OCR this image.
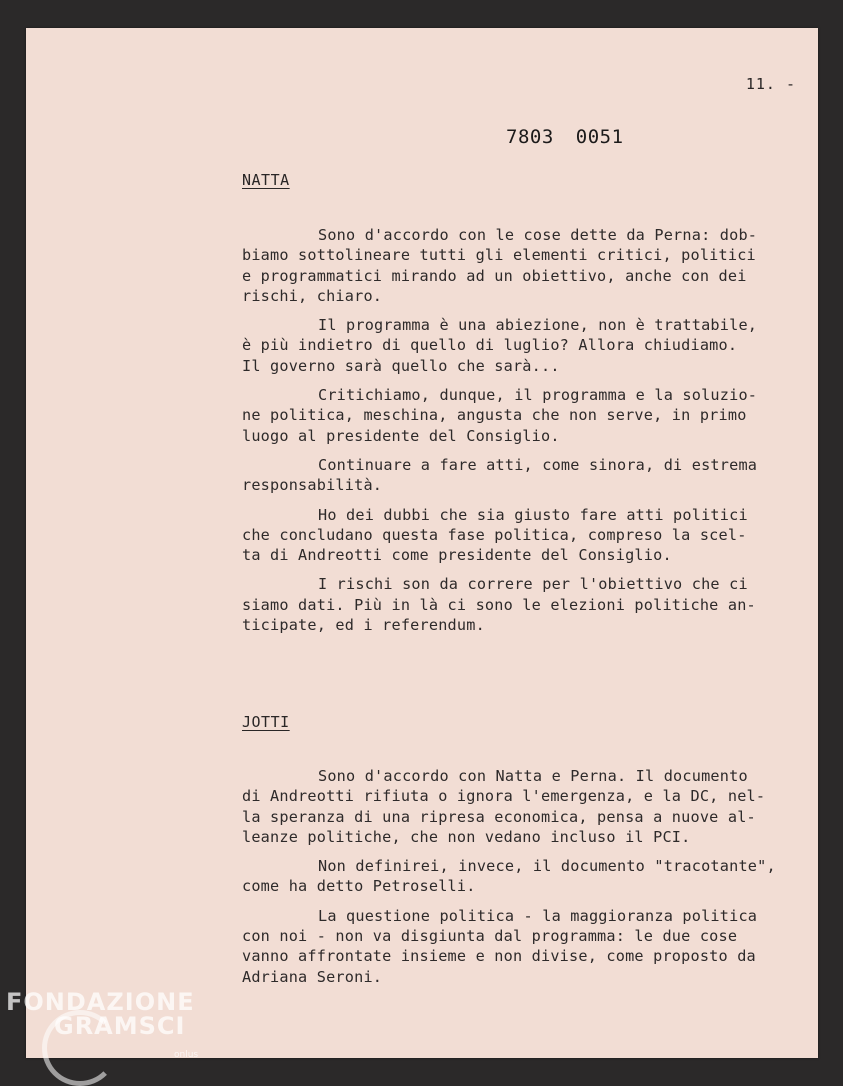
11. -
7803 0051
NATTA
Sono d'accordo con le cose dette da Perna: dob-
biamo sottolineare tutti gli elementi critici, politici
e programmatici mirando ad un obiettivo, anche con dei
rischi, chiaro.
Il programma è una abiezione, non è trattabile,
è più indietro di quello di luglio? Allora chiudiamo.
Il governo sarà quello che sarà...
Critichiamo, dunque, il programma e la soluzio-
ne politica, meschina, angusta che non serve, in primo
luogo al presidente del Consiglio.
Continuare a fare atti, come sinora, di estrema
responsabilità.
Ho dei dubbi che sia giusto fare atti politici
che concludano questa fase politica, compreso la scel-
ta di Andreotti come presidente del Consiglio.
I rischi son da correre per l'obiettivo che ci
siamo dati. Più in là ci sono le elezioni politiche an-
ticipate, ed i referendum.
JOTTI
Sono d'accordo con Natta e Perna. Il documento
di Andreotti rifiuta o ignora l'emergenza, e la DC, nel-
la speranza di una ripresa economica, pensa a nuove al-
leanze politiche, che non vedano incluso il PCI.
Non definirei, invece, il documento "tracotante",
come ha detto Petroselli.
La questione politica - la maggioranza politica
con noi - non va disgiunta dal programma: le due cose
vanno affrontate insieme e non divise, come proposto da
Adriana Seroni.
FONDAZIONE
GRAMSCI
onlus
